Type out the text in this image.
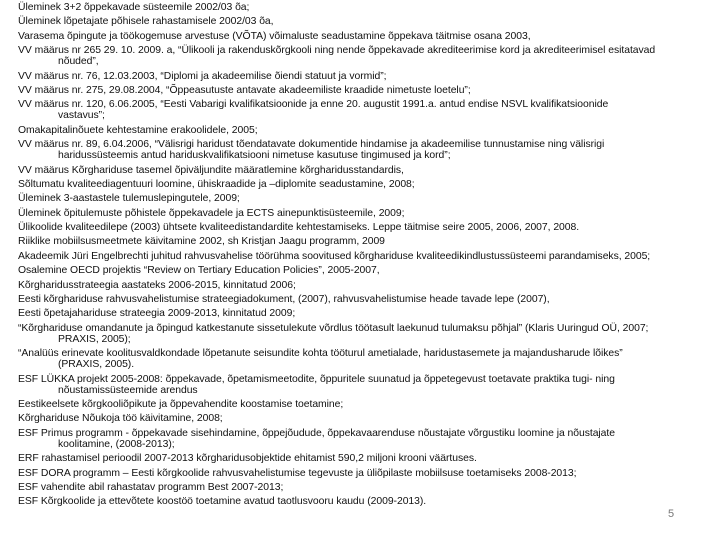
Üleminek 3+2 õppekavade süsteemile 2002/03 õa;
Üleminek lõpetajate põhisele rahastamisele 2002/03 õa,
Varasema õpingute ja töökogemuse arvestuse (VÕTA) võimaluste seadustamine õppekava täitmise osana 2003,
VV määrus nr 265 29. 10. 2009. a, “Ülikooli ja rakenduskõrgkooli ning nende õppekavade akrediteerimise kord ja akrediteerimisel esitatavad
nõuded”,
VV määrus nr. 76, 12.03.2003, “Diplomi ja akadeemilise õiendi statuut ja vormid”;
VV määrus nr. 275, 29.08.2004, “Õppeasutuste antavate akadeemiliste kraadide nimetuste loetelu”;
VV määrus nr. 120, 6.06.2005, “Eesti Vabarigi kvalifikatsioonide ja enne 20. augustit 1991.a. antud endise NSVL kvalifikatsioonide
vastavus”;
Omakapitalinõuete kehtestamine erakoolidele, 2005;
VV määrus nr. 89, 6.04.2006, “Välisrigi haridust tõendatavate dokumentide hindamise ja akadeemilise tunnustamise ning välisrigi
haridussüsteemis antud hariduskvalifikatsiooni nimetuse kasutuse tingimused ja kord”;
VV määrus Kõrghariduse tasemel õpiväljundite määratlemine kõrgharidusstandardis,
Sõltumatu kvaliteediagentuuri loomine, ühiskraadide ja –diplomite seadustamine, 2008;
Üleminek 3-aastastele tulemuslepingutele, 2009;
Üleminek õpitulemuste põhistele õppekavadele ja ECTS ainepunktisüsteemile, 2009;
Ülikoolide kvaliteedilepe (2003) ühtsete kvaliteedistandardite kehtestamiseks. Leppe täitmise seire 2005, 2006, 2007, 2008.
Riiklike mobiilsusmeetmete käivitamine 2002, sh Kristjan Jaagu programm, 2009
Akadeemik Jüri Engelbrechti juhitud rahvusvahelise töörühma soovitused kõrghariduse kvaliteedikindlustussüsteemi parandamiseks, 2005;
Osalemine OECD projektis “Review on Tertiary Education Policies”, 2005-2007,
Kõrgharidusstrateegia aastateks 2006-2015, kinnitatud 2006;
Eesti kõrghariduse rahvusvahelistumise strateegiadokument, (2007), rahvusvahelistumise heade tavade lepe (2007),
Eesti õpetajahariduse strateegia 2009-2013, kinnitatud 2009;
“Kõrghariduse omandanute ja õpingud katkestanute sissetulekute võrdlus töötasult laekunud tulumaksu põhjal” (Klaris Uuringud OÜ, 2007;
PRAXIS, 2005);
“Analüüs erinevate koolitusvaldkondade lõpetanute seisundite kohta tööturul ametialade, haridustasemete ja majandusharude lõikes”
(PRAXIS, 2005).
ESF LÜKKA projekt 2005-2008: õppekavade, õpetamismeetodite, õppuritele suunatud ja õppetegevust toetavate praktika tugi- ning
nõustamissüsteemide arendus
Eestikeelsete kõrgkooliõpikute ja õppevahendite koostamise toetamine;
Kõrghariduse Nõukoja töö käivitamine, 2008;
ESF Primus programm - õppekavade sisehindamine, õppejõudude, õppekavaarenduse nõustajate võrgustiku loomine ja nõustajate
koolitamine, (2008-2013);
ERF rahastamisel perioodil 2007-2013 kõrgharidusobjektide ehitamist 590,2 miljoni krooni väärtuses.
ESF DORA programm – Eesti kõrgkoolide rahvusvahelistumise tegevuste ja üliõpilaste mobiilsuse toetamiseks 2008-2013;
ESF vahendite abil rahastatav programm Best 2007-2013;
ESF Kõrgkoolide ja ettevõtete koostöö toetamine avatud taotlusvooru kaudu (2009-2013).
5
